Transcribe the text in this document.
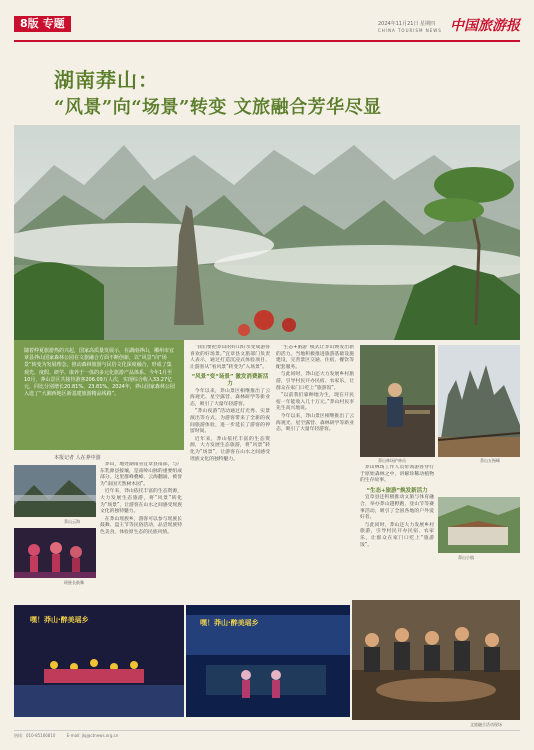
8版 专题	2024年11月21日 星期四
CHINA TOURISM NEWS 中国旅游报
湖南莽山：
“风景”向“场景”转变 文旅融合芳华尽显
随着仲夏旅游热的兴起，国家高质量发展示，在湖南莽山，郴州市宜章县莽山国家森林公园在文旅融合方面不断创新，以“风景”向“场景”转变为发展理念，推动森林旅游与民俗文化深度融合，形成了集观光、度假、研学、康养于一体的多元化旅游产品体系。今年1月至10月，莽山景区共接待游客206.09万人次，实现综合收入33.27亿元，同比分别增长20.81%、23.81%。2024年，莽山国家森林公园入选了“大湘西地区新基建旅游精品线路”。
本报记者 人在莽中游
莽山云海
瑶族长鼓舞

莽山，地处湖南省宜章县南部，与广东乳源县接壤，是南岭山脉的重要组成部分。这里群峰叠嶂、云海翻涌，被誉为“南国天然树木园”。

近年来，莽山依托丰富的生态资源，大力发展生态旅游，将“风景”转化为“场景”，让游客在山水之间感受瑶族文化的独特魅力。

在莽山瑶族乡，游客可以参与瑶族长鼓舞、盘王节等民俗活动，品尝瑶族特色美食，体验原生态的民族风情。

“我们要把莽山的好山好水变成游客喜欢的好场景。”宜章县文旅部门负责人表示，通过打造沉浸式体验项目，让游客从“看风景”转变为“入场景”。

“风景”变“场景” 激发消费新活力

今年以来，莽山景区相继推出了云海观光、星空露营、森林研学等新业态，吸引了大量年轻游客。

“莽山夜游”活动通过灯光秀、实景演出等方式，为游客带来了全新的夜间旅游体验，进一步延长了游客的停留时间。

近年来，莽山依托丰富的生态资源，大力发展生态旅游，将“风景”转化为“场景”，让游客在山水之间感受瑶族文化的独特魅力。

“生态+旅游”模式让莽山焕发出新的活力。当地积极推进旅游基础设施建设，完善景区交通、住宿、餐饮等配套服务。

与此同时，莽山还大力发展乡村旅游，引导村民开办民宿、农家乐，让群众在家门口吃上“旅游饭”。

“以前我们靠种地为生，现在开民宿一年能收入几十万元。”莽山村民李先生高兴地说。

今年以来，莽山景区相继推出了云海观光、星空露营、森林研学等新业态，吸引了大量年轻游客。

莽山林场护林员	莽山五指峰

莽山林场工作人员带领游客穿行于原始森林之中，讲解珍稀动植物的生存故事。

“生态+旅游”焕发新活力

宜章县还积极推动文旅与体育融合，举办莽山越野跑、登山节等赛事活动，吸引了全国各地的户外爱好者。

与此同时，莽山还大力发展乡村旅游，引导村民开办民宿、农家乐，让群众在家门口吃上“旅游饭”。

莽山小镇
嘿！莽山·醉美瑶乡	嘿！莽山·醉美瑶乡
文旅融合活动现场
热线：010-85166810	E-mail: jkj@ctnews.org.cn
